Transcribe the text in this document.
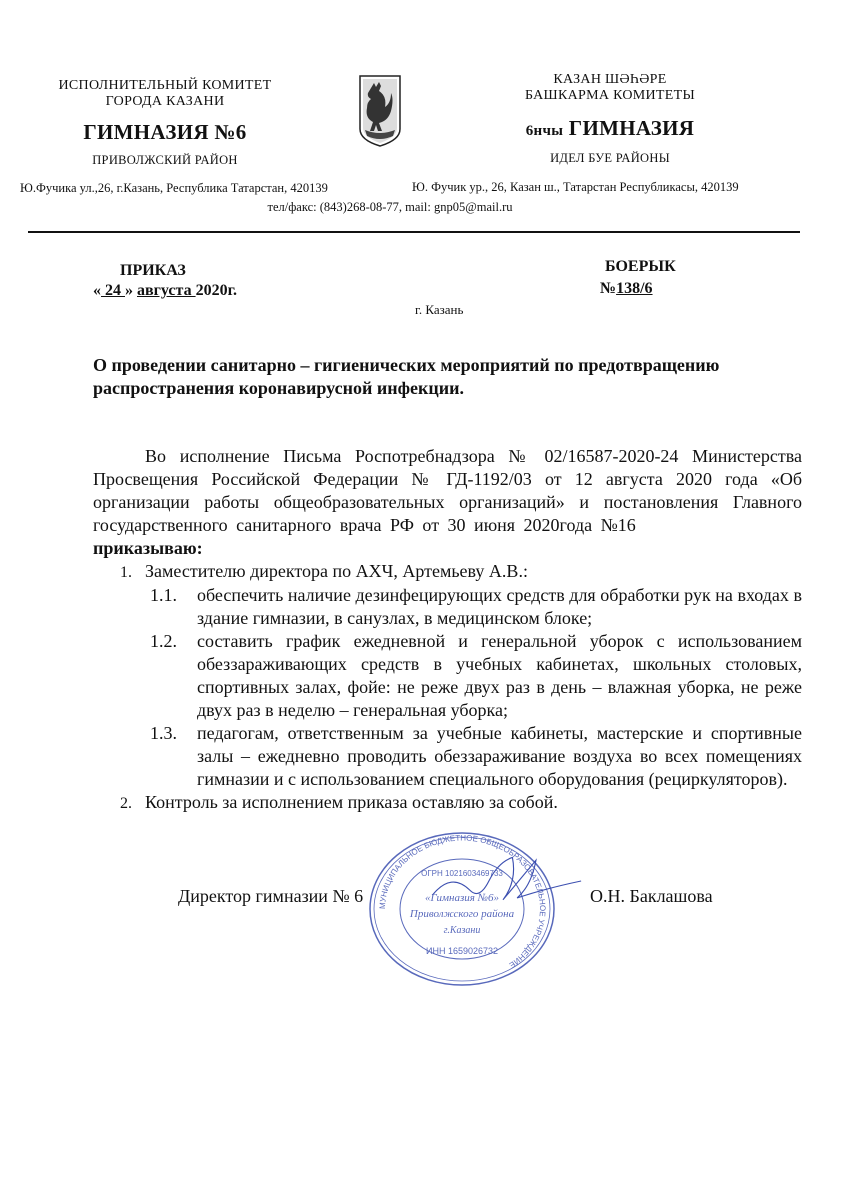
ИСПОЛНИТЕЛЬНЫЙ КОМИТЕТ
ГОРОДА КАЗАНИ
ГИМНАЗИЯ №6
ПРИВОЛЖСКИЙ РАЙОН
Ю.Фучика ул.,26, г.Казань, Республика Татарстан, 420139
КАЗАН ШӘҺӘРЕ
БАШКАРМА КОМИТЕТЫ
6нчы ГИМНАЗИЯ
ИДЕЛ БУЕ РАЙОНЫ
Ю. Фучик ур., 26, Казан ш., Татарстан Республикасы, 420139
тел/факс: (843)268-08-77, mail: gnp05@mail.ru
ПРИКАЗ
« 24 » августа 2020г.
БОЕРЫК
№138/6
г. Казань
О проведении санитарно – гигиенических мероприятий по предотвращению распространения коронавирусной инфекции.
Во исполнение Письма Роспотребнадзора № 02/16587-2020-24 Министерства Просвещения Российской Федерации № ГД-1192/03 от 12 августа 2020 года «Об организации работы общеобразовательных организаций» и постановления Главного государственного санитарного врача РФ от 30 июня 2020года №16
приказываю:
1. Заместителю директора по АХЧ, Артемьеву А.В.:
1.1.	обеспечить наличие дезинфецирующих средств для обработки рук на входах в здание гимназии, в санузлах, в медицинском блоке;
1.2.	составить график ежедневной и генеральной уборок с использованием обеззараживающих средств в учебных кабинетах, школьных столовых, спортивных залах, фойе: не реже двух раз в день – влажная уборка, не реже двух раз в неделю – генеральная уборка;
1.3.	педагогам, ответственным за учебные кабинеты, мастерские и спортивные залы – ежедневно проводить обеззараживание воздуха во всех помещениях гимназии и с использованием специального оборудования (рециркуляторов).
2. Контроль за исполнением приказа оставляю за собой.
Директор гимназии № 6 МУНИЦИПАЛЬНОЕ БЮДЖЕТНОЕ ОБЩЕОБРАЗОВАТЕЛЬНОЕ УЧРЕЖДЕНИЕ
ОГРН 1021603469733
«Гимназия №6»
Приволжского района
г.Казани
ИНН 1659026732
О.Н. Баклашова
